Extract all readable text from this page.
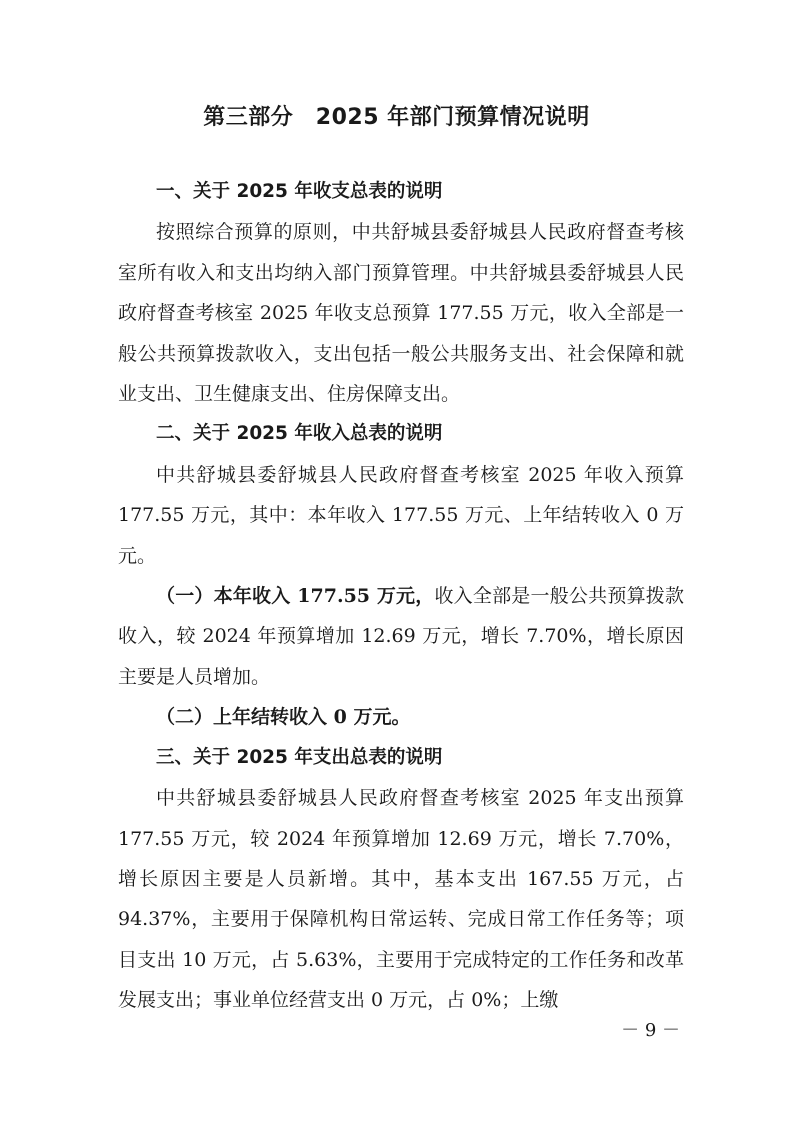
第三部分　2025 年部门预算情况说明

一、关于 2025 年收支总表的说明

按照综合预算的原则，中共舒城县委舒城县人民政府督查考核室所有收入和支出均纳入部门预算管理。中共舒城县委舒城县人民政府督查考核室 2025 年收支总预算 177.55 万元，收入全部是一般公共预算拨款收入，支出包括一般公共服务支出、社会保障和就业支出、卫生健康支出、住房保障支出。

二、关于 2025 年收入总表的说明

中共舒城县委舒城县人民政府督查考核室 2025 年收入预算 177.55 万元，其中：本年收入 177.55 万元、上年结转收入 0 万元。

（一）本年收入 177.55 万元，收入全部是一般公共预算拨款收入，较 2024 年预算增加 12.69 万元，增长 7.70%，增长原因主要是人员增加。

（二）上年结转收入 0 万元。

三、关于 2025 年支出总表的说明

中共舒城县委舒城县人民政府督查考核室 2025 年支出预算 177.55 万元，较 2024 年预算增加 12.69 万元，增长 7.70%，增长原因主要是人员新增。其中，基本支出 167.55 万元，占 94.37%，主要用于保障机构日常运转、完成日常工作任务等；项目支出 10 万元，占 5.63%，主要用于完成特定的工作任务和改革发展支出；事业单位经营支出 0 万元，占 0%；上缴

－ 9 －
